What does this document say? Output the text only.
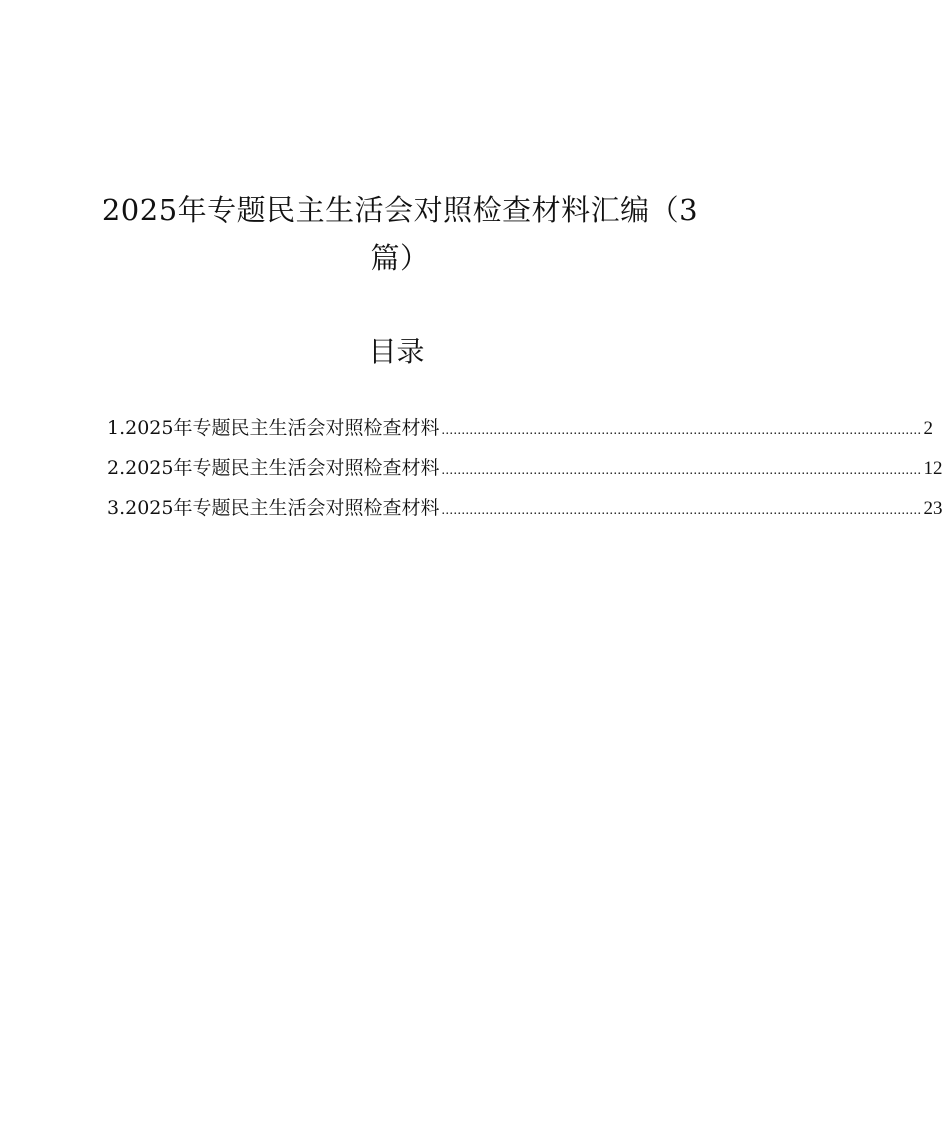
2025年专题民主生活会对照检查材料汇编（3
篇）
目录
1.2025年专题民主生活会对照检查材料 ........................................................................................................................ 2
2.2025年专题民主生活会对照检查材料 ........................................................................................................................ 12
3.2025年专题民主生活会对照检查材料 ........................................................................................................................ 23
